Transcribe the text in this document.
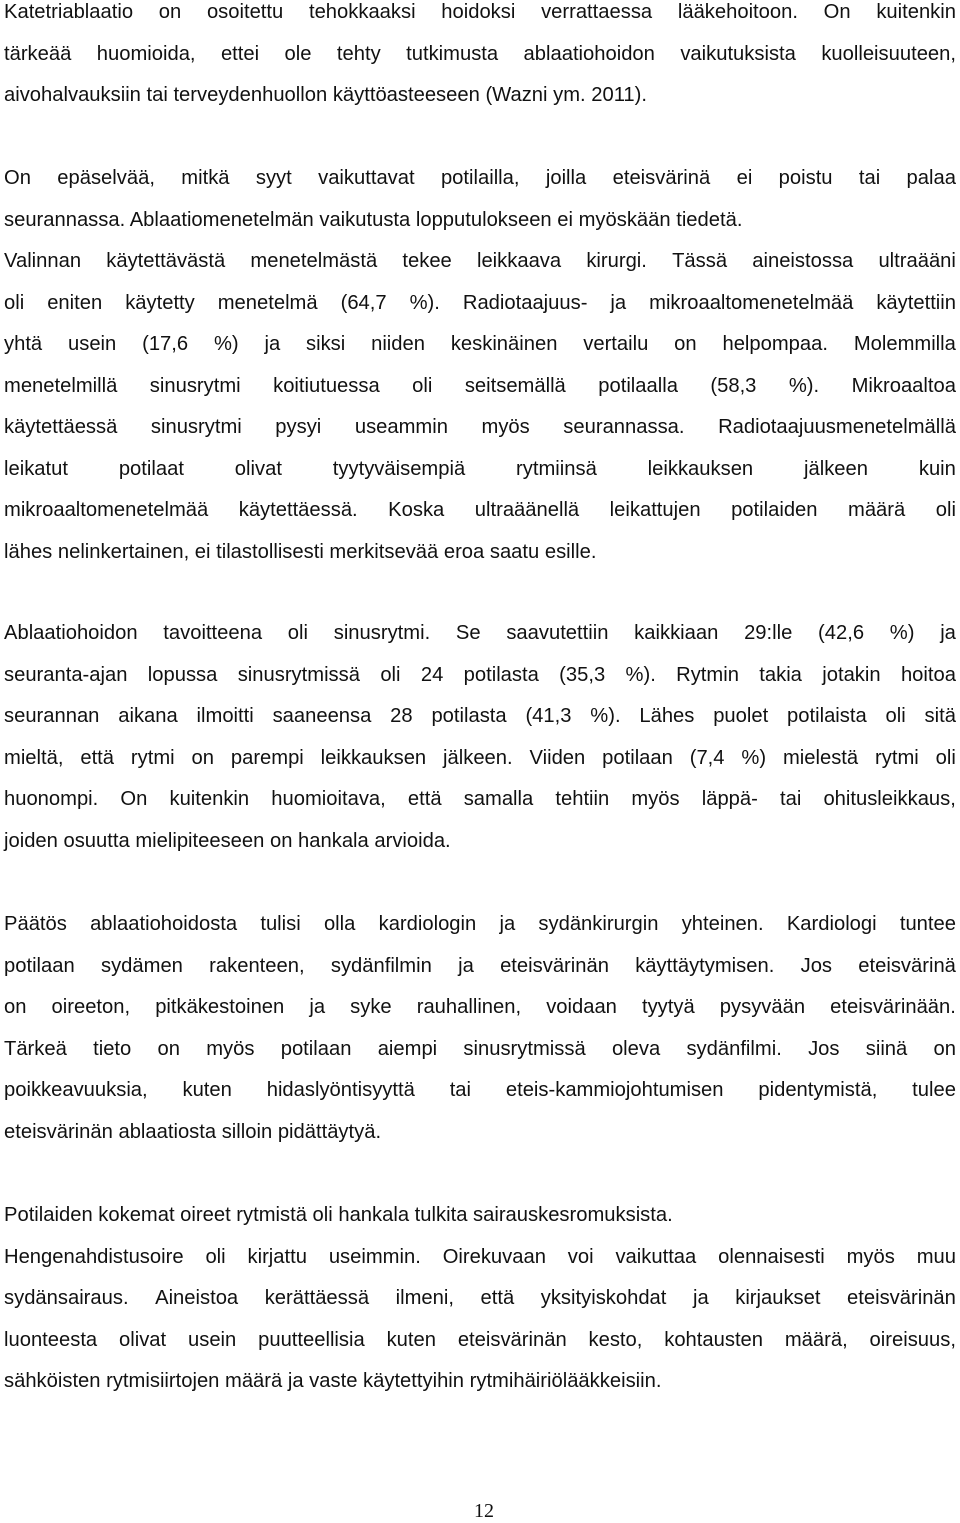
Katetriablaatio on osoitettu tehokkaaksi hoidoksi verrattaessa lääkehoitoon. On kuitenkin
tärkeää huomioida, ettei ole tehty tutkimusta ablaatiohoidon vaikutuksista kuolleisuuteen,
aivohalvauksiin tai terveydenhuollon käyttöasteeseen (Wazni ym. 2011).
On epäselvää, mitkä syyt vaikuttavat potilailla, joilla eteisvärinä ei poistu tai palaa
seurannassa. Ablaatiomenetelmän vaikutusta lopputulokseen ei myöskään tiedetä.
Valinnan käytettävästä menetelmästä tekee leikkaava kirurgi. Tässä aineistossa ultraääni
oli eniten käytetty menetelmä (64,7 %). Radiotaajuus- ja mikroaaltomenetelmää käytettiin
yhtä usein (17,6 %) ja siksi niiden keskinäinen vertailu on helpompaa. Molemmilla
menetelmillä sinusrytmi koitiutuessa oli seitsemällä potilaalla (58,3 %). Mikroaaltoa
käytettäessä sinusrytmi pysyi useammin myös seurannassa. Radiotaajuusmenetelmällä
leikatut	potilaat	olivat	tyytyväisempiä	rytmiinsä	leikkauksen	jälkeen	kuin
mikroaaltomenetelmää käytettäessä. Koska ultraäänellä leikattujen potilaiden määrä oli
lähes nelinkertainen, ei tilastollisesti merkitsevää eroa saatu esille.
Ablaatiohoidon tavoitteena oli sinusrytmi. Se saavutettiin kaikkiaan 29:lle (42,6 %) ja
seuranta-ajan lopussa sinusrytmissä oli 24 potilasta (35,3 %). Rytmin takia jotakin hoitoa
seurannan aikana ilmoitti saaneensa 28 potilasta (41,3 %). Lähes puolet potilaista oli sitä
mieltä, että rytmi on parempi leikkauksen jälkeen. Viiden potilaan (7,4 %) mielestä rytmi oli
huonompi. On kuitenkin huomioitava, että samalla tehtiin myös läppä- tai ohitusleikkaus,
joiden osuutta mielipiteeseen on hankala arvioida.
Päätös ablaatiohoidosta tulisi olla kardiologin ja sydänkirurgin yhteinen. Kardiologi tuntee
potilaan sydämen rakenteen, sydänfilmin ja eteisvärinän käyttäytymisen. Jos eteisvärinä
on oireeton, pitkäkestoinen ja syke rauhallinen, voidaan tyytyä pysyvään eteisvärinään.
Tärkeä tieto on myös potilaan aiempi sinusrytmissä oleva sydänfilmi. Jos siinä on
poikkeavuuksia, kuten hidaslyöntisyyttä tai eteis-kammiojohtumisen pidentymistä, tulee
eteisvärinän ablaatiosta silloin pidättäytyä.
Potilaiden kokemat oireet rytmistä oli hankala tulkita sairauskesromuksista.
Hengenahdistusoire oli kirjattu useimmin. Oirekuvaan voi vaikuttaa olennaisesti myös muu
sydänsairaus. Aineistoa kerättäessä ilmeni, että yksityiskohdat ja kirjaukset eteisvärinän
luonteesta olivat usein puutteellisia kuten eteisvärinän kesto, kohtausten määrä, oireisuus,
sähköisten rytmisiirtojen määrä ja vaste käytettyihin rytmihäiriölääkkeisiin.
12
